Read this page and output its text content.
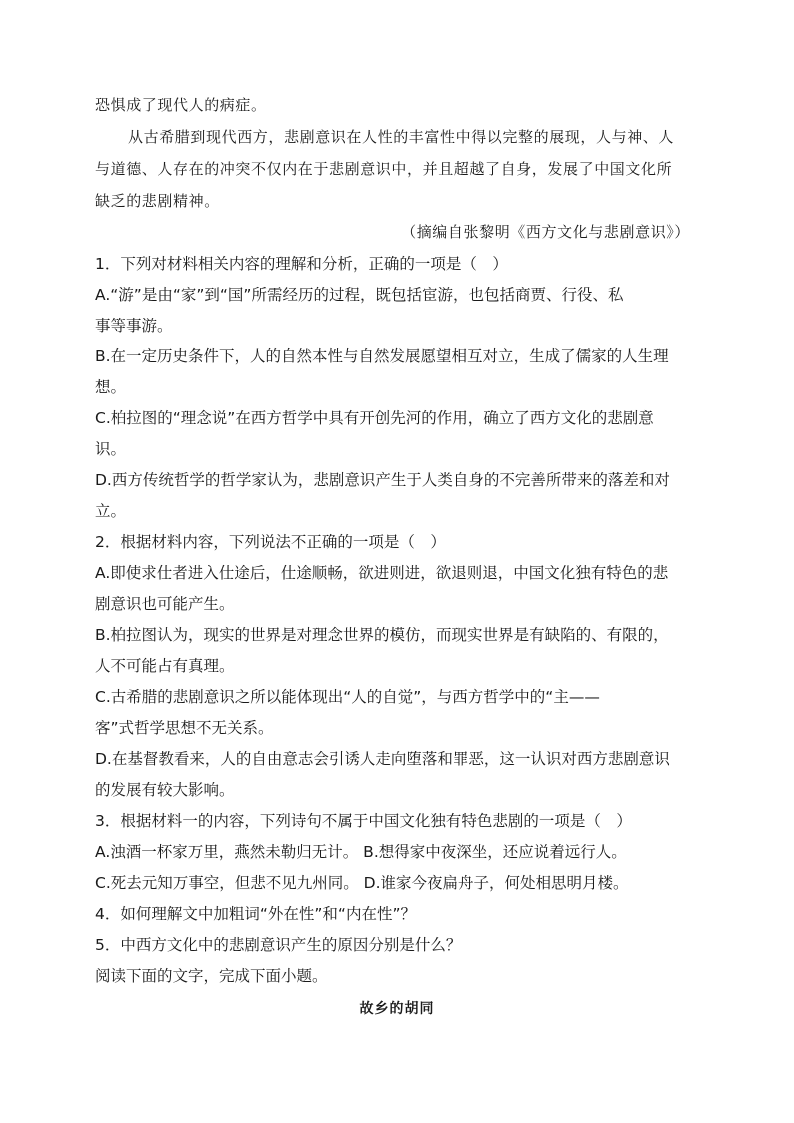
恐惧成了现代人的病症。
从古希腊到现代西方，悲剧意识在人性的丰富性中得以完整的展现，人与神、人
与道德、人存在的冲突不仅内在于悲剧意识中，并且超越了自身，发展了中国文化所
缺乏的悲剧精神。
（摘编自张黎明《西方文化与悲剧意识》）
1．下列对材料相关内容的理解和分析，正确的一项是（　）
A.“游”是由“家”到“国”所需经历的过程，既包括宦游，也包括商贾、行役、私
事等事游。
B.在一定历史条件下，人的自然本性与自然发展愿望相互对立，生成了儒家的人生理
想。
C.柏拉图的“理念说”在西方哲学中具有开创先河的作用，确立了西方文化的悲剧意
识。
D.西方传统哲学的哲学家认为，悲剧意识产生于人类自身的不完善所带来的落差和对
立。
2．根据材料内容，下列说法不正确的一项是（　）
A.即使求仕者进入仕途后，仕途顺畅，欲进则进，欲退则退，中国文化独有特色的悲
剧意识也可能产生。
B.柏拉图认为，现实的世界是对理念世界的模仿，而现实世界是有缺陷的、有限的，
人不可能占有真理。
C.古希腊的悲剧意识之所以能体现出“人的自觉”，与西方哲学中的“主——
客”式哲学思想不无关系。
D.在基督教看来，人的自由意志会引诱人走向堕落和罪恶，这一认识对西方悲剧意识
的发展有较大影响。
3．根据材料一的内容，下列诗句不属于中国文化独有特色悲剧的一项是（　）
A.浊酒一杯家万里，燕然未勒归无计。 B.想得家中夜深坐，还应说着远行人。
C.死去元知万事空，但悲不见九州同。 D.谁家今夜扁舟子，何处相思明月楼。
4．如何理解文中加粗词“外在性”和“内在性”？
5．中西方文化中的悲剧意识产生的原因分别是什么？
阅读下面的文字，完成下面小题。
故乡的胡同
